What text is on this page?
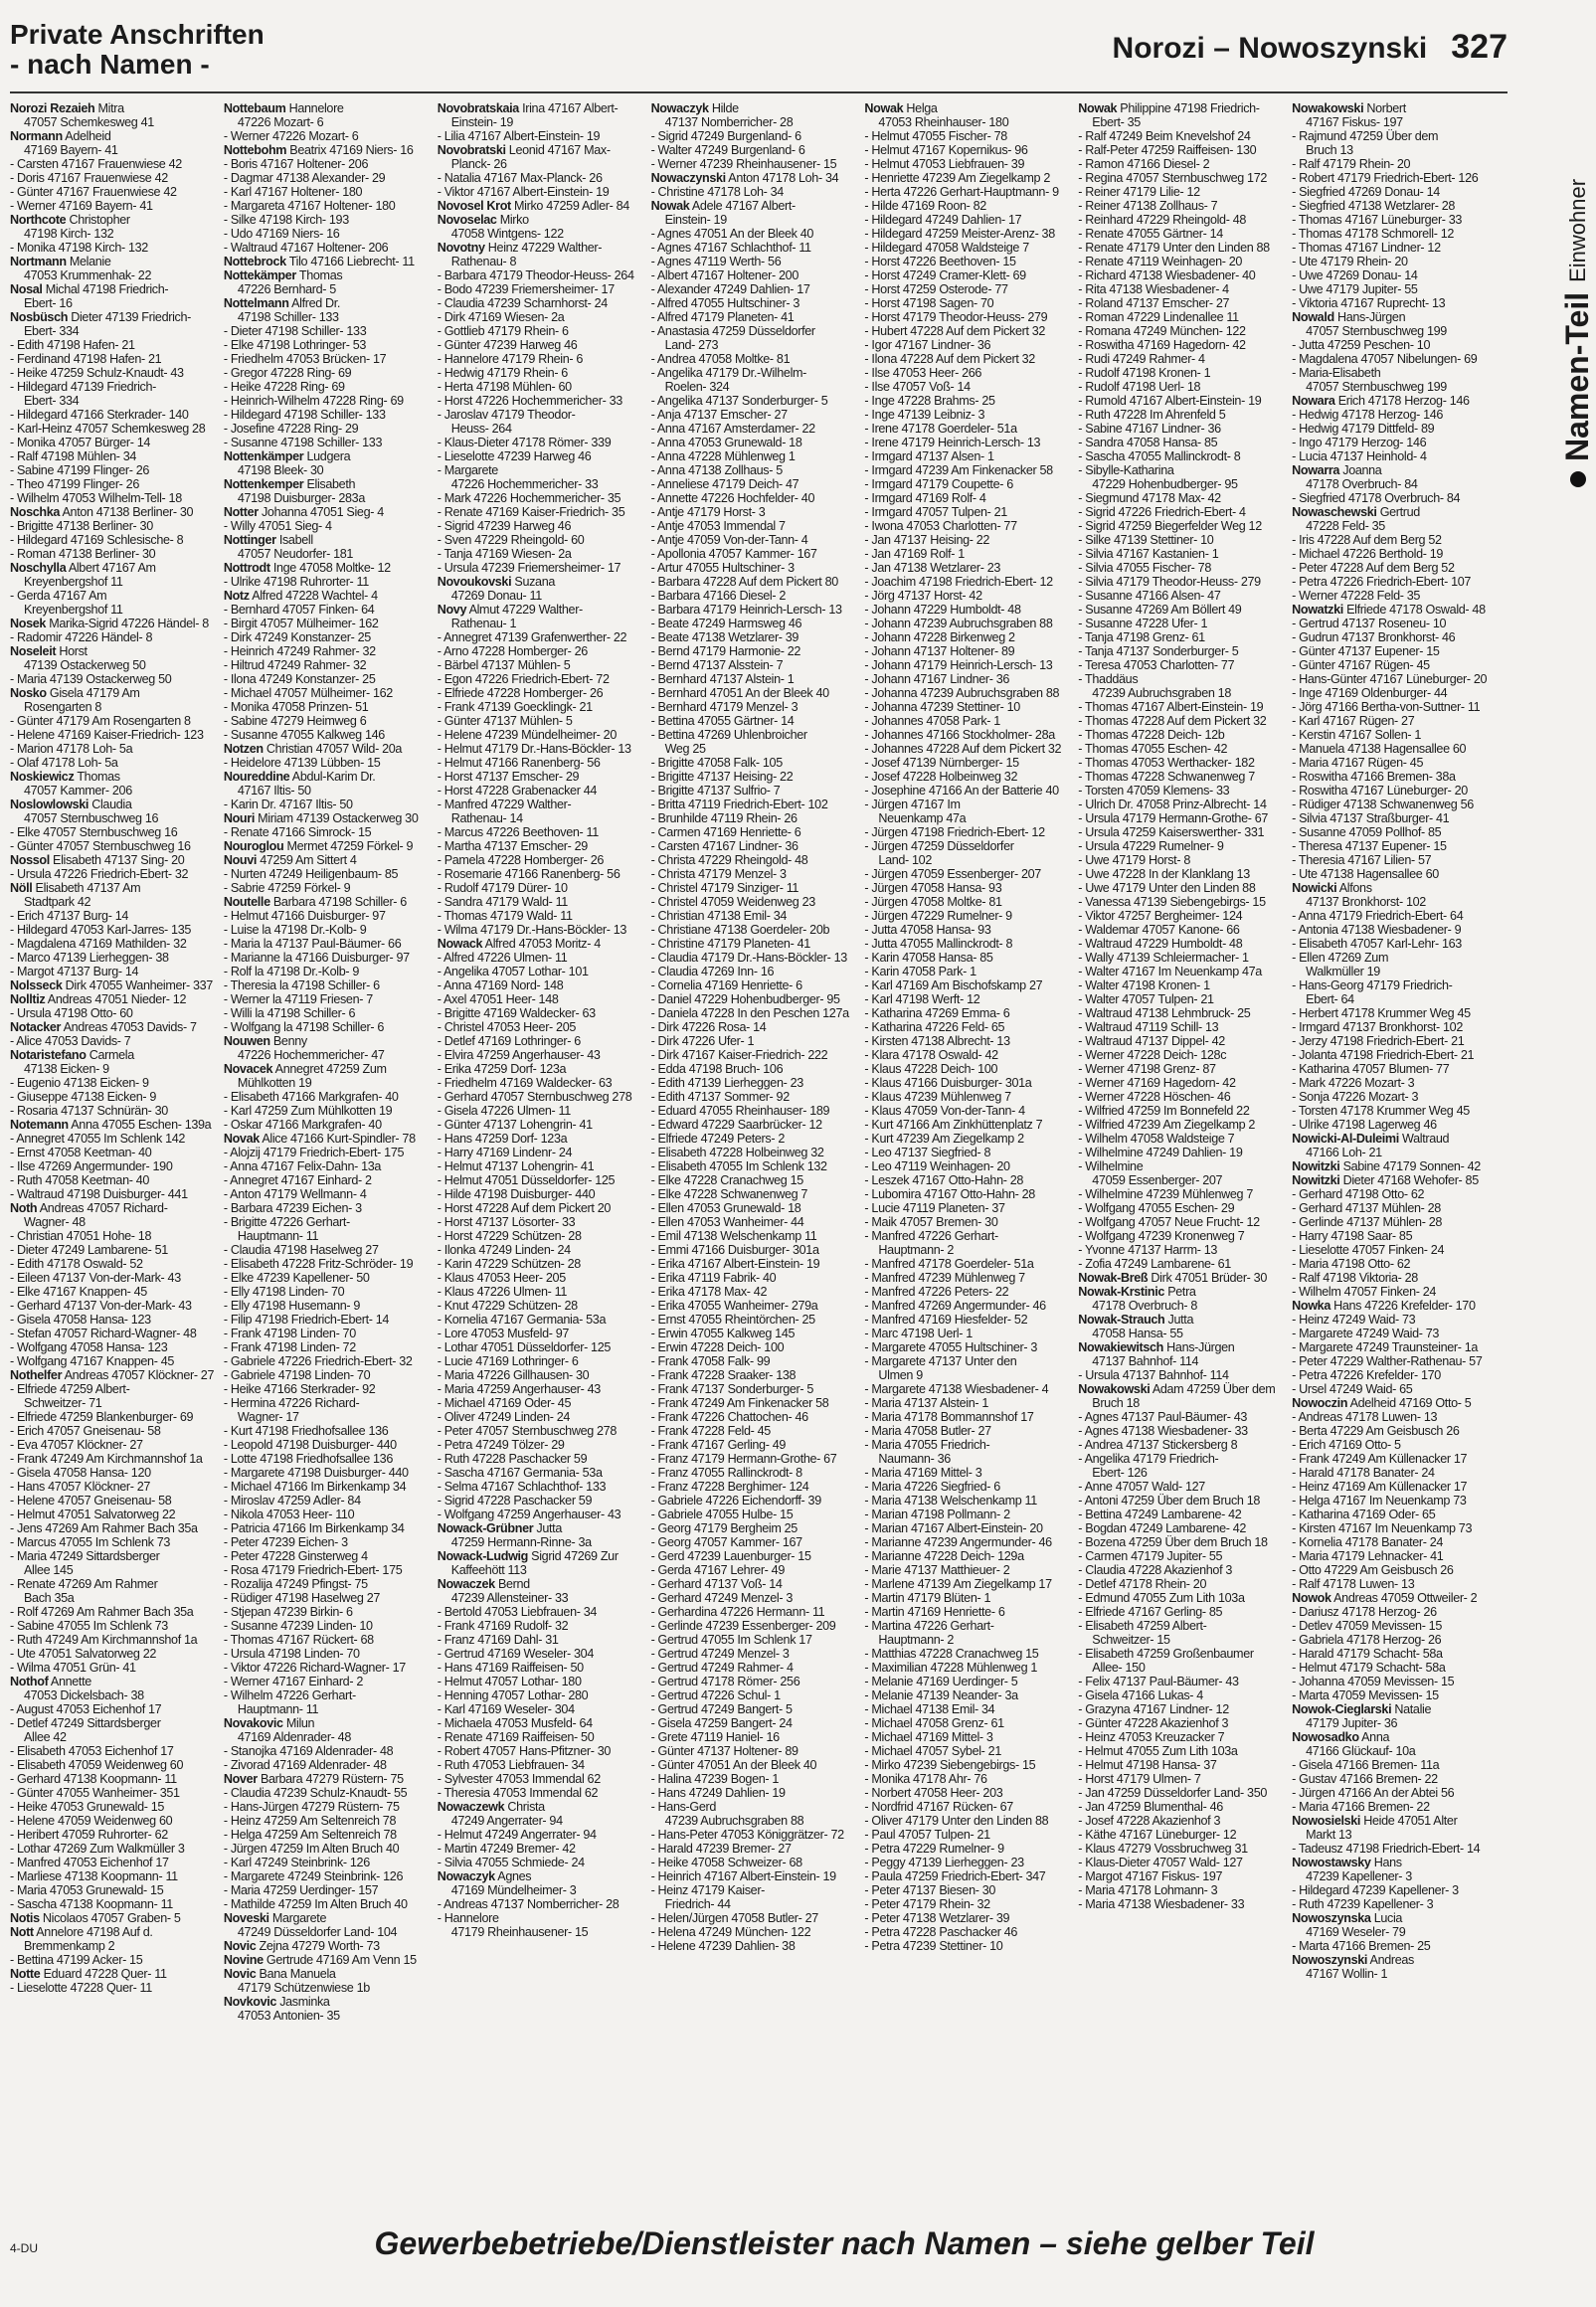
Private Anschriften
- nach Namen -	Norozi – Nowoszynski 327
Namen-Teil
Einwohner

Norozi Rezaieh Mitra

47057 Schemkesweg 41

Normann Adelheid

47169 Bayern- 41

- Carsten 47167 Frauenwiese 42

- Doris 47167 Frauenwiese 42

- Günter 47167 Frauenwiese 42

- Werner 47169 Bayern- 41

Northcote Christopher

47198 Kirch- 132

- Monika 47198 Kirch- 132

Nortmann Melanie

47053 Krummenhak- 22

Nosal Michal 47198 Friedrich-

Ebert- 16

Nosbüsch Dieter 47139 Friedrich-

Ebert- 334

- Edith 47198 Hafen- 21

- Ferdinand 47198 Hafen- 21

- Heike 47259 Schulz-Knaudt- 43

- Hildegard 47139 Friedrich-

Ebert- 334

- Hildegard 47166 Sterkrader- 140

- Karl-Heinz 47057 Schemkesweg 28

- Monika 47057 Bürger- 14

- Ralf 47198 Mühlen- 34

- Sabine 47199 Flinger- 26

- Theo 47199 Flinger- 26

- Wilhelm 47053 Wilhelm-Tell- 18

Noschka Anton 47138 Berliner- 30

- Brigitte 47138 Berliner- 30

- Hildegard 47169 Schlesische- 8

- Roman 47138 Berliner- 30

Noschylla Albert 47167 Am

Kreyenbergshof 11

- Gerda 47167 Am

Kreyenbergshof 11

Nosek Marika-Sigrid 47226 Händel- 8

- Radomir 47226 Händel- 8

Noseleit Horst

47139 Ostackerweg 50

- Maria 47139 Ostackerweg 50

Nosko Gisela 47179 Am

Rosengarten 8

- Günter 47179 Am Rosengarten 8

- Helene 47169 Kaiser-Friedrich- 123

- Marion 47178 Loh- 5a

- Olaf 47178 Loh- 5a

Noskiewicz Thomas

47057 Kammer- 206

Noslowlowski Claudia

47057 Sternbuschweg 16

- Elke 47057 Sternbuschweg 16

- Günter 47057 Sternbuschweg 16

Nossol Elisabeth 47137 Sing- 20

- Ursula 47226 Friedrich-Ebert- 32

Nöll Elisabeth 47137 Am

Stadtpark 42

- Erich 47137 Burg- 14

- Hildegard 47053 Karl-Jarres- 135

- Magdalena 47169 Mathilden- 32

- Marco 47139 Lierheggen- 38

- Margot 47137 Burg- 14

Nolsseck Dirk 47055 Wanheimer- 337

Nolltiz Andreas 47051 Nieder- 12

- Ursula 47198 Otto- 60

Notacker Andreas 47053 Davids- 7

- Alice 47053 Davids- 7

Notaristefano Carmela

47138 Eicken- 9

- Eugenio 47138 Eicken- 9

- Giuseppe 47138 Eicken- 9

- Rosaria 47137 Schnürän- 30

Notemann Anna 47055 Eschen- 139a

- Annegret 47055 Im Schlenk 142

- Ernst 47058 Keetman- 40

- Ilse 47269 Angermunder- 190

- Ruth 47058 Keetman- 40

- Waltraud 47198 Duisburger- 441

Noth Andreas 47057 Richard-

Wagner- 48

- Christian 47051 Hohe- 18

- Dieter 47249 Lambarene- 51

- Edith 47178 Oswald- 52

- Eileen 47137 Von-der-Mark- 43

- Elke 47167 Knappen- 45

- Gerhard 47137 Von-der-Mark- 43

- Gisela 47058 Hansa- 123

- Stefan 47057 Richard-Wagner- 48

- Wolfgang 47058 Hansa- 123

- Wolfgang 47167 Knappen- 45

Nothelfer Andreas 47057 Klöckner- 27

- Elfriede 47259 Albert-

Schweitzer- 71

- Elfriede 47259 Blankenburger- 69

- Erich 47057 Gneisenau- 58

- Eva 47057 Klöckner- 27

- Frank 47249 Am Kirchmannshof 1a

- Gisela 47058 Hansa- 120

- Hans 47057 Klöckner- 27

- Helene 47057 Gneisenau- 58

- Helmut 47051 Salvatorweg 22

- Jens 47269 Am Rahmer Bach 35a

- Marcus 47055 Im Schlenk 73

- Maria 47249 Sittardsberger

Allee 145

- Renate 47269 Am Rahmer

Bach 35a

- Rolf 47269 Am Rahmer Bach 35a

- Sabine 47055 Im Schlenk 73

- Ruth 47249 Am Kirchmannshof 1a

- Ute 47051 Salvatorweg 22

- Wilma 47051 Grün- 41

Nothof Annette

47053 Dickelsbach- 38

- August 47053 Eichenhof 17

- Detlef 47249 Sittardsberger

Allee 42

- Elisabeth 47053 Eichenhof 17

- Elisabeth 47059 Weidenweg 60

- Gerhard 47138 Koopmann- 11

- Günter 47055 Wanheimer- 351

- Heike 47053 Grunewald- 15

- Helene 47059 Weidenweg 60

- Heribert 47059 Ruhrorter- 62

- Lothar 47269 Zum Walkmüller 3

- Manfred 47053 Eichenhof 17

- Marliese 47138 Koopmann- 11

- Maria 47053 Grunewald- 15

- Sascha 47138 Koopmann- 11

Notis Nicolaos 47057 Graben- 5

Nott Annelore 47198 Auf d.

Bremmenkamp 2

- Bettina 47199 Acker- 15

Notte Eduard 47228 Quer- 11

- Lieselotte 47228 Quer- 11

Nottebaum Hannelore

47226 Mozart- 6

- Werner 47226 Mozart- 6

Nottebohm Beatrix 47169 Niers- 16

- Boris 47167 Holtener- 206

- Dagmar 47138 Alexander- 29

- Karl 47167 Holtener- 180

- Margareta 47167 Holtener- 180

- Silke 47198 Kirch- 193

- Udo 47169 Niers- 16

- Waltraud 47167 Holtener- 206

Nottebrock Tilo 47166 Liebrecht- 11

Nottekämper Thomas

47226 Bernhard- 5

Nottelmann Alfred Dr.

47198 Schiller- 133

- Dieter 47198 Schiller- 133

- Elke 47198 Lothringer- 53

- Friedhelm 47053 Brücken- 17

- Gregor 47228 Ring- 69

- Heike 47228 Ring- 69

- Heinrich-Wilhelm 47228 Ring- 69

- Hildegard 47198 Schiller- 133

- Josefine 47228 Ring- 29

- Susanne 47198 Schiller- 133

Nottenkämper Ludgera

47198 Bleek- 30

Nottenkemper Elisabeth

47198 Duisburger- 283a

Notter Johanna 47051 Sieg- 4

- Willy 47051 Sieg- 4

Nottinger Isabell

47057 Neudorfer- 181

Nottrodt Inge 47058 Moltke- 12

- Ulrike 47198 Ruhrorter- 11

Notz Alfred 47228 Wachtel- 4

- Bernhard 47057 Finken- 64

- Birgit 47057 Mülheimer- 162

- Dirk 47249 Konstanzer- 25

- Heinrich 47249 Rahmer- 32

- Hiltrud 47249 Rahmer- 32

- Ilona 47249 Konstanzer- 25

- Michael 47057 Mülheimer- 162

- Monika 47058 Prinzen- 51

- Sabine 47279 Heimweg 6

- Susanne 47055 Kalkweg 146

Notzen Christian 47057 Wild- 20a

- Heidelore 47139 Lübben- 15

Noureddine Abdul-Karim Dr.

47167 Iltis- 50

- Karin Dr. 47167 Iltis- 50

Nouri Miriam 47139 Ostackerweg 30

- Renate 47166 Simrock- 15

Nouroglou Mermet 47259 Förkel- 9

Nouvi 47259 Am Sittert 4

- Nurten 47249 Heiligenbaum- 85

- Sabrie 47259 Förkel- 9

Noutelle Barbara 47198 Schiller- 6

- Helmut 47166 Duisburger- 97

- Luise la 47198 Dr.-Kolb- 9

- Maria la 47137 Paul-Bäumer- 66

- Marianne la 47166 Duisburger- 97

- Rolf la 47198 Dr.-Kolb- 9

- Theresia la 47198 Schiller- 6

- Werner la 47119 Friesen- 7

- Willi la 47198 Schiller- 6

- Wolfgang la 47198 Schiller- 6

Nouwen Benny

47226 Hochemmericher- 47

Novacek Annegret 47259 Zum

Mühlkotten 19

- Elisabeth 47166 Markgrafen- 40

- Karl 47259 Zum Mühlkotten 19

- Oskar 47166 Markgrafen- 40

Novak Alice 47166 Kurt-Spindler- 78

- Alojzij 47179 Friedrich-Ebert- 175

- Anna 47167 Felix-Dahn- 13a

- Annegret 47167 Einhard- 2

- Anton 47179 Wellmann- 4

- Barbara 47239 Eichen- 3

- Brigitte 47226 Gerhart-

Hauptmann- 11

- Claudia 47198 Haselweg 27

- Elisabeth 47228 Fritz-Schröder- 19

- Elke 47239 Kapellener- 50

- Elly 47198 Linden- 70

- Elly 47198 Husemann- 9

- Filip 47198 Friedrich-Ebert- 14

- Frank 47198 Linden- 70

- Frank 47198 Linden- 72

- Gabriele 47226 Friedrich-Ebert- 32

- Gabriele 47198 Linden- 70

- Heike 47166 Sterkrader- 92

- Hermina 47226 Richard-

Wagner- 17

- Kurt 47198 Friedhofsallee 136

- Leopold 47198 Duisburger- 440

- Lotte 47198 Friedhofsallee 136

- Margarete 47198 Duisburger- 440

- Michael 47166 Im Birkenkamp 34

- Miroslav 47259 Adler- 84

- Nikola 47053 Heer- 110

- Patricia 47166 Im Birkenkamp 34

- Peter 47239 Eichen- 3

- Peter 47228 Ginsterweg 4

- Rosa 47179 Friedrich-Ebert- 175

- Rozalija 47249 Pfingst- 75

- Rüdiger 47198 Haselweg 27

- Stjepan 47239 Birkin- 6

- Susanne 47239 Linden- 10

- Thomas 47167 Rückert- 68

- Ursula 47198 Linden- 70

- Viktor 47226 Richard-Wagner- 17

- Werner 47167 Einhard- 2

- Wilhelm 47226 Gerhart-

Hauptmann- 11

Novakovic Milun

47169 Aldenrader- 48

- Stanojka 47169 Aldenrader- 48

- Zivorad 47169 Aldenrader- 48

Nover Barbara 47279 Rüstern- 75

- Claudia 47239 Schulz-Knaudt- 55

- Hans-Jürgen 47279 Rüstern- 75

- Heinz 47259 Am Seltenreich 78

- Helga 47259 Am Seltenreich 78

- Jürgen 47259 Im Alten Bruch 40

- Karl 47249 Steinbrink- 126

- Margarete 47249 Steinbrink- 126

- Maria 47259 Uerdinger- 157

- Mathilde 47259 Im Alten Bruch 40

Noveski Margarete

47249 Düsseldorfer Land- 104

Novic Zejna 47279 Worth- 73

Novine Gertrude 47169 Am Venn 15

Novic Bana Manuela

47179 Schützenwiese 1b

Novkovic Jasminka

47053 Antonien- 35

Novobratskaia Irina 47167 Albert-

Einstein- 19

- Lilia 47167 Albert-Einstein- 19

Novobratski Leonid 47167 Max-

Planck- 26

- Natalia 47167 Max-Planck- 26

- Viktor 47167 Albert-Einstein- 19

Novosel Krot Mirko 47259 Adler- 84

Novoselac Mirko

47058 Wintgens- 122

Novotny Heinz 47229 Walther-

Rathenau- 8

- Barbara 47179 Theodor-Heuss- 264

- Bodo 47239 Friemersheimer- 17

- Claudia 47239 Scharnhorst- 24

- Dirk 47169 Wiesen- 2a

- Gottlieb 47179 Rhein- 6

- Günter 47239 Harweg 46

- Hannelore 47179 Rhein- 6

- Hedwig 47179 Rhein- 6

- Herta 47198 Mühlen- 60

- Horst 47226 Hochemmericher- 33

- Jaroslav 47179 Theodor-

Heuss- 264

- Klaus-Dieter 47178 Römer- 339

- Lieselotte 47239 Harweg 46

- Margarete

47226 Hochemmericher- 33

- Mark 47226 Hochemmericher- 35

- Renate 47169 Kaiser-Friedrich- 35

- Sigrid 47239 Harweg 46

- Sven 47229 Rheingold- 60

- Tanja 47169 Wiesen- 2a

- Ursula 47239 Friemersheimer- 17

Novoukovski Suzana

47269 Donau- 11

Novy Almut 47229 Walther-

Rathenau- 1

- Annegret 47139 Grafenwerther- 22

- Arno 47228 Homberger- 26

- Bärbel 47137 Mühlen- 5

- Egon 47226 Friedrich-Ebert- 72

- Elfriede 47228 Homberger- 26

- Frank 47139 Goecklingk- 21

- Günter 47137 Mühlen- 5

- Helene 47239 Mündelheimer- 20

- Helmut 47179 Dr.-Hans-Böckler- 13

- Helmut 47166 Ranenberg- 56

- Horst 47137 Emscher- 29

- Horst 47228 Grabenacker 44

- Manfred 47229 Walther-

Rathenau- 14

- Marcus 47226 Beethoven- 11

- Martha 47137 Emscher- 29

- Pamela 47228 Homberger- 26

- Rosemarie 47166 Ranenberg- 56

- Rudolf 47179 Dürer- 10

- Sandra 47179 Wald- 11

- Thomas 47179 Wald- 11

- Wilma 47179 Dr.-Hans-Böckler- 13

Nowack Alfred 47053 Moritz- 4

- Alfred 47226 Ulmen- 11

- Angelika 47057 Lothar- 101

- Anna 47169 Nord- 148

- Axel 47051 Heer- 148

- Brigitte 47169 Waldecker- 63

- Christel 47053 Heer- 205

- Detlef 47169 Lothringer- 6

- Elvira 47259 Angerhauser- 43

- Erika 47259 Dorf- 123a

- Friedhelm 47169 Waldecker- 63

- Gerhard 47057 Sternbuschweg 278

- Gisela 47226 Ulmen- 11

- Günter 47137 Lohengrin- 41

- Hans 47259 Dorf- 123a

- Harry 47169 Lindenr- 24

- Helmut 47137 Lohengrin- 41

- Helmut 47051 Düsseldorfer- 125

- Hilde 47198 Duisburger- 440

- Horst 47228 Auf dem Pickert 20

- Horst 47137 Lösorter- 33

- Horst 47229 Schützen- 28

- Ilonka 47249 Linden- 24

- Karin 47229 Schützen- 28

- Klaus 47053 Heer- 205

- Klaus 47226 Ulmen- 11

- Knut 47229 Schützen- 28

- Kornelia 47167 Germania- 53a

- Lore 47053 Musfeld- 97

- Lothar 47051 Düsseldorfer- 125

- Lucie 47169 Lothringer- 6

- Maria 47226 Gillhausen- 30

- Maria 47259 Angerhauser- 43

- Michael 47169 Oder- 45

- Oliver 47249 Linden- 24

- Peter 47057 Sternbuschweg 278

- Petra 47249 Tölzer- 29

- Ruth 47228 Paschacker 59

- Sascha 47167 Germania- 53a

- Selma 47167 Schlachthof- 133

- Sigrid 47228 Paschacker 59

- Wolfgang 47259 Angerhauser- 43

Nowack-Grübner Jutta

47259 Hermann-Rinne- 3a

Nowack-Ludwig Sigrid 47269 Zur

Kaffeehött 113

Nowaczek Bernd

47239 Allensteiner- 33

- Bertold 47053 Liebfrauen- 34

- Frank 47169 Rudolf- 32

- Franz 47169 Dahl- 31

- Gertrud 47169 Weseler- 304

- Hans 47169 Raiffeisen- 50

- Helmut 47057 Lothar- 180

- Henning 47057 Lothar- 280

- Karl 47169 Weseler- 304

- Michaela 47053 Musfeld- 64

- Renate 47169 Raiffeisen- 50

- Robert 47057 Hans-Pfitzner- 30

- Ruth 47053 Liebfrauen- 34

- Sylvester 47053 Immendal 62

- Theresia 47053 Immendal 62

Nowaczewk Christa

47249 Angerrater- 94

- Helmut 47249 Angerrater- 94

- Martin 47249 Bremer- 42

- Silvia 47055 Schmiede- 24

Nowaczyk Agnes

47169 Mündelheimer- 3

- Andreas 47137 Nomberricher- 28

- Hannelore

47179 Rheinhausener- 15

Nowaczyk Hilde

47137 Nomberricher- 28

- Sigrid 47249 Burgenland- 6

- Walter 47249 Burgenland- 6

- Werner 47239 Rheinhausener- 15

Nowaczynski Anton 47178 Loh- 34

- Christine 47178 Loh- 34

Nowak Adele 47167 Albert-

Einstein- 19

- Agnes 47051 An der Bleek 40

- Agnes 47167 Schlachthof- 11

- Agnes 47119 Werth- 56

- Albert 47167 Holtener- 200

- Alexander 47249 Dahlien- 17

- Alfred 47055 Hultschiner- 3

- Alfred 47179 Planeten- 41

- Anastasia 47259 Düsseldorfer

Land- 273

- Andrea 47058 Moltke- 81

- Angelika 47179 Dr.-Wilhelm-

Roelen- 324

- Angelika 47137 Sonderburger- 5

- Anja 47137 Emscher- 27

- Anna 47167 Amsterdamer- 22

- Anna 47053 Grunewald- 18

- Anna 47228 Mühlenweg 1

- Anna 47138 Zollhaus- 5

- Anneliese 47179 Deich- 47

- Annette 47226 Hochfelder- 40

- Antje 47179 Horst- 3

- Antje 47053 Immendal 7

- Antje 47059 Von-der-Tann- 4

- Apollonia 47057 Kammer- 167

- Artur 47055 Hultschiner- 3

- Barbara 47228 Auf dem Pickert 80

- Barbara 47166 Diesel- 2

- Barbara 47179 Heinrich-Lersch- 13

- Beate 47249 Harmsweg 46

- Beate 47138 Wetzlarer- 39

- Bernd 47179 Harmonie- 22

- Bernd 47137 Alsstein- 7

- Bernhard 47137 Alstein- 1

- Bernhard 47051 An der Bleek 40

- Bernhard 47179 Menzel- 3

- Bettina 47055 Gärtner- 14

- Bettina 47269 Uhlenbroicher

Weg 25

- Brigitte 47058 Falk- 105

- Brigitte 47137 Heising- 22

- Brigitte 47137 Sulfrio- 7

- Britta 47119 Friedrich-Ebert- 102

- Brunhilde 47119 Rhein- 26

- Carmen 47169 Henriette- 6

- Carsten 47167 Lindner- 36

- Christa 47229 Rheingold- 48

- Christa 47179 Menzel- 3

- Christel 47179 Sinziger- 11

- Christel 47059 Weidenweg 23

- Christian 47138 Emil- 34

- Christiane 47138 Goerdeler- 20b

- Christine 47179 Planeten- 41

- Claudia 47179 Dr.-Hans-Böckler- 13

- Claudia 47269 Inn- 16

- Cornelia 47169 Henriette- 6

- Daniel 47229 Hohenbudberger- 95

- Daniela 47228 In den Peschen 127a

- Dirk 47226 Rosa- 14

- Dirk 47226 Ufer- 1

- Dirk 47167 Kaiser-Friedrich- 222

- Edda 47198 Bruch- 106

- Edith 47139 Lierheggen- 23

- Edith 47137 Sommer- 92

- Eduard 47055 Rheinhauser- 189

- Edward 47229 Saarbrücker- 12

- Elfriede 47249 Peters- 2

- Elisabeth 47228 Holbeinweg 32

- Elisabeth 47055 Im Schlenk 132

- Elke 47228 Cranachweg 15

- Elke 47228 Schwanenweg 7

- Ellen 47053 Grunewald- 18

- Ellen 47053 Wanheimer- 44

- Emil 47138 Welschenkamp 11

- Emmi 47166 Duisburger- 301a

- Erika 47167 Albert-Einstein- 19

- Erika 47119 Fabrik- 40

- Erika 47178 Max- 42

- Erika 47055 Wanheimer- 279a

- Ernst 47055 Rheintörchen- 25

- Erwin 47055 Kalkweg 145

- Erwin 47228 Deich- 100

- Frank 47058 Falk- 99

- Frank 47228 Sraaker- 138

- Frank 47137 Sonderburger- 5

- Frank 47249 Am Finkenacker 58

- Frank 47226 Chattochen- 46

- Frank 47228 Feld- 45

- Frank 47167 Gerling- 49

- Franz 47179 Hermann-Grothe- 67

- Franz 47055 Rallinckrodt- 8

- Franz 47228 Berghimer- 124

- Gabriele 47226 Eichendorff- 39

- Gabriele 47055 Hulbe- 15

- Georg 47179 Bergheim 25

- Georg 47057 Kammer- 167

- Gerd 47239 Lauenburger- 15

- Gerda 47167 Lehrer- 49

- Gerhard 47137 Voß- 14

- Gerhard 47249 Menzel- 3

- Gerhardina 47226 Hermann- 11

- Gerlinde 47239 Essenberger- 209

- Gertrud 47055 Im Schlenk 17

- Gertrud 47249 Menzel- 3

- Gertrud 47249 Rahmer- 4

- Gertrud 47178 Römer- 256

- Gertrud 47226 Schul- 1

- Gertrud 47249 Bangert- 5

- Gisela 47259 Bangert- 24

- Grete 47119 Haniel- 16

- Günter 47137 Holtener- 89

- Günter 47051 An der Bleek 40

- Halina 47239 Bogen- 1

- Hans 47249 Dahlien- 19

- Hans-Gerd

47239 Aubruchsgraben 88

- Hans-Peter 47053 Königgrätzer- 72

- Harald 47239 Bremer- 27

- Heike 47058 Schweizer- 68

- Heinrich 47167 Albert-Einstein- 19

- Heinz 47179 Kaiser-

Friedrich- 44

- Helen/Jürgen 47058 Butler- 27

- Helena 47249 München- 122

- Helene 47239 Dahlien- 38

Nowak Helga

47053 Rheinhauser- 180

- Helmut 47055 Fischer- 78

- Helmut 47167 Kopernikus- 96

- Helmut 47053 Liebfrauen- 39

- Henriette 47239 Am Ziegelkamp 2

- Herta 47226 Gerhart-Hauptmann- 9

- Hilde 47169 Roon- 82

- Hildegard 47249 Dahlien- 17

- Hildegard 47259 Meister-Arenz- 38

- Hildegard 47058 Waldsteige 7

- Horst 47226 Beethoven- 15

- Horst 47249 Cramer-Klett- 69

- Horst 47259 Osterode- 77

- Horst 47198 Sagen- 70

- Horst 47179 Theodor-Heuss- 279

- Hubert 47228 Auf dem Pickert 32

- Igor 47167 Lindner- 36

- Ilona 47228 Auf dem Pickert 32

- Ilse 47053 Heer- 266

- Ilse 47057 Voß- 14

- Inge 47228 Brahms- 25

- Inge 47139 Leibniz- 3

- Irene 47178 Goerdeler- 51a

- Irene 47179 Heinrich-Lersch- 13

- Irmgard 47137 Alsen- 1

- Irmgard 47239 Am Finkenacker 58

- Irmgard 47179 Coupette- 6

- Irmgard 47169 Rolf- 4

- Irmgard 47057 Tulpen- 21

- Iwona 47053 Charlotten- 77

- Jan 47137 Heising- 22

- Jan 47169 Rolf- 1

- Jan 47138 Wetzlarer- 23

- Joachim 47198 Friedrich-Ebert- 12

- Jörg 47137 Horst- 42

- Johann 47229 Humboldt- 48

- Johann 47239 Aubruchsgraben 88

- Johann 47228 Birkenweg 2

- Johann 47137 Holtener- 89

- Johann 47179 Heinrich-Lersch- 13

- Johann 47167 Lindner- 36

- Johanna 47239 Aubruchsgraben 88

- Johanna 47239 Stettiner- 10

- Johannes 47058 Park- 1

- Johannes 47166 Stockholmer- 28a

- Johannes 47228 Auf dem Pickert 32

- Josef 47139 Nürnberger- 15

- Josef 47228 Holbeinweg 32

- Josephine 47166 An der Batterie 40

- Jürgen 47167 Im

Neuenkamp 47a

- Jürgen 47198 Friedrich-Ebert- 12

- Jürgen 47259 Düsseldorfer

Land- 102

- Jürgen 47059 Essenberger- 207

- Jürgen 47058 Hansa- 93

- Jürgen 47058 Moltke- 81

- Jürgen 47229 Rumelner- 9

- Jutta 47058 Hansa- 93

- Jutta 47055 Mallinckrodt- 8

- Karin 47058 Hansa- 85

- Karin 47058 Park- 1

- Karl 47169 Am Bischofskamp 27

- Karl 47198 Werft- 12

- Katharina 47269 Emma- 6

- Katharina 47226 Feld- 65

- Kirsten 47138 Albrecht- 13

- Klara 47178 Oswald- 42

- Klaus 47228 Deich- 100

- Klaus 47166 Duisburger- 301a

- Klaus 47239 Mühlenweg 7

- Klaus 47059 Von-der-Tann- 4

- Kurt 47166 Am Zinkhüttenplatz 7

- Kurt 47239 Am Ziegelkamp 2

- Leo 47137 Siegfried- 8

- Leo 47119 Weinhagen- 20

- Leszek 47167 Otto-Hahn- 28

- Lubomira 47167 Otto-Hahn- 28

- Lucie 47119 Planeten- 37

- Maik 47057 Bremen- 30

- Manfred 47226 Gerhart-

Hauptmann- 2

- Manfred 47178 Goerdeler- 51a

- Manfred 47239 Mühlenweg 7

- Manfred 47226 Peters- 22

- Manfred 47269 Angermunder- 46

- Manfred 47169 Hiesfelder- 52

- Marc 47198 Uerl- 1

- Margarete 47055 Hultschiner- 3

- Margarete 47137 Unter den

Ulmen 9

- Margarete 47138 Wiesbadener- 4

- Maria 47137 Alstein- 1

- Maria 47178 Bommannshof 17

- Maria 47058 Butler- 27

- Maria 47055 Friedrich-

Naumann- 36

- Maria 47169 Mittel- 3

- Maria 47226 Siegfried- 6

- Maria 47138 Welschenkamp 11

- Marian 47198 Pollmann- 2

- Marian 47167 Albert-Einstein- 20

- Marianne 47239 Angermunder- 46

- Marianne 47228 Deich- 129a

- Marie 47137 Matthieuer- 2

- Marlene 47139 Am Ziegelkamp 17

- Martin 47179 Blüten- 1

- Martin 47169 Henriette- 6

- Martina 47226 Gerhart-

Hauptmann- 2

- Matthias 47228 Cranachweg 15

- Maximilian 47228 Mühlenweg 1

- Melanie 47169 Uerdinger- 5

- Melanie 47139 Neander- 3a

- Michael 47138 Emil- 34

- Michael 47058 Grenz- 61

- Michael 47169 Mittel- 3

- Michael 47057 Sybel- 21

- Mirko 47239 Siebengebirgs- 15

- Monika 47178 Ahr- 76

- Norbert 47058 Heer- 203

- Nordfrid 47167 Rücken- 67

- Oliver 47179 Unter den Linden 88

- Paul 47057 Tulpen- 21

- Petra 47229 Rumelner- 9

- Peggy 47139 Lierheggen- 23

- Paula 47259 Friedrich-Ebert- 347

- Peter 47137 Biesen- 30

- Peter 47179 Rhein- 32

- Peter 47138 Wetzlarer- 39

- Petra 47228 Paschacker 46

- Petra 47239 Stettiner- 10

Nowak Philippine 47198 Friedrich-

Ebert- 35

- Ralf 47249 Beim Knevelshof 24

- Ralf-Peter 47259 Raiffeisen- 130

- Ramon 47166 Diesel- 2

- Regina 47057 Sternbuschweg 172

- Reiner 47179 Lilie- 12

- Reiner 47138 Zollhaus- 7

- Reinhard 47229 Rheingold- 48

- Renate 47055 Gärtner- 14

- Renate 47179 Unter den Linden 88

- Renate 47119 Weinhagen- 20

- Richard 47138 Wiesbadener- 40

- Rita 47138 Wiesbadener- 4

- Roland 47137 Emscher- 27

- Roman 47229 Lindenallee 11

- Romana 47249 München- 122

- Roswitha 47169 Hagedorn- 42

- Rudi 47249 Rahmer- 4

- Rudolf 47198 Kronen- 1

- Rudolf 47198 Uerl- 18

- Rumold 47167 Albert-Einstein- 19

- Ruth 47228 Im Ahrenfeld 5

- Sabine 47167 Lindner- 36

- Sandra 47058 Hansa- 85

- Sascha 47055 Mallinckrodt- 8

- Sibylle-Katharina

47229 Hohenbudberger- 95

- Siegmund 47178 Max- 42

- Sigrid 47226 Friedrich-Ebert- 4

- Sigrid 47259 Biegerfelder Weg 12

- Silke 47139 Stettiner- 10

- Silvia 47167 Kastanien- 1

- Silvia 47055 Fischer- 78

- Silvia 47179 Theodor-Heuss- 279

- Susanne 47166 Alsen- 47

- Susanne 47269 Am Böllert 49

- Susanne 47228 Ufer- 1

- Tanja 47198 Grenz- 61

- Tanja 47137 Sonderburger- 5

- Teresa 47053 Charlotten- 77

- Thaddäus

47239 Aubruchsgraben 18

- Thomas 47167 Albert-Einstein- 19

- Thomas 47228 Auf dem Pickert 32

- Thomas 47228 Deich- 12b

- Thomas 47055 Eschen- 42

- Thomas 47053 Werthacker- 182

- Thomas 47228 Schwanenweg 7

- Torsten 47059 Klemens- 33

- Ulrich Dr. 47058 Prinz-Albrecht- 14

- Ursula 47179 Hermann-Grothe- 67

- Ursula 47259 Kaiserswerther- 331

- Ursula 47229 Rumelner- 9

- Uwe 47179 Horst- 8

- Uwe 47228 In der Klanklang 13

- Uwe 47179 Unter den Linden 88

- Vanessa 47139 Siebengebirgs- 15

- Viktor 47257 Bergheimer- 124

- Waldemar 47057 Kanone- 66

- Waltraud 47229 Humboldt- 48

- Wally 47139 Schleiermacher- 1

- Walter 47167 Im Neuenkamp 47a

- Walter 47198 Kronen- 1

- Walter 47057 Tulpen- 21

- Waltraud 47138 Lehmbruck- 25

- Waltraud 47119 Schill- 13

- Waltraud 47137 Dippel- 42

- Werner 47228 Deich- 128c

- Werner 47198 Grenz- 87

- Werner 47169 Hagedorn- 42

- Werner 47228 Höschen- 46

- Wilfried 47259 Im Bonnefeld 22

- Wilfried 47239 Am Ziegelkamp 2

- Wilhelm 47058 Waldsteige 7

- Wilhelmine 47249 Dahlien- 19

- Wilhelmine

47059 Essenberger- 207

- Wilhelmine 47239 Mühlenweg 7

- Wolfgang 47055 Eschen- 29

- Wolfgang 47057 Neue Frucht- 12

- Wolfgang 47239 Kronenweg 7

- Yvonne 47137 Harrm- 13

- Zofia 47249 Lambarene- 61

Nowak-Breß Dirk 47051 Brüder- 30

Nowak-Krstinic Petra

47178 Overbruch- 8

Nowak-Strauch Jutta

47058 Hansa- 55

Nowakiewitsch Hans-Jürgen

47137 Bahnhof- 114

- Ursula 47137 Bahnhof- 114

Nowakowski Adam 47259 Über dem

Bruch 18

- Agnes 47137 Paul-Bäumer- 43

- Agnes 47138 Wiesbadener- 33

- Andrea 47137 Stickersberg 8

- Angelika 47179 Friedrich-

Ebert- 126

- Anne 47057 Wald- 127

- Antoni 47259 Über dem Bruch 18

- Bettina 47249 Lambarene- 42

- Bogdan 47249 Lambarene- 42

- Bozena 47259 Über dem Bruch 18

- Carmen 47179 Jupiter- 55

- Claudia 47228 Akazienhof 3

- Detlef 47178 Rhein- 20

- Edmund 47055 Zum Lith 103a

- Elfriede 47167 Gerling- 85

- Elisabeth 47259 Albert-

Schweitzer- 15

- Elisabeth 47259 Großenbaumer

Allee- 150

- Felix 47137 Paul-Bäumer- 43

- Gisela 47166 Lukas- 4

- Grazyna 47167 Lindner- 12

- Günter 47228 Akazienhof 3

- Heinz 47053 Kreuzacker 7

- Helmut 47055 Zum Lith 103a

- Helmut 47198 Hansa- 37

- Horst 47179 Ulmen- 7

- Jan 47259 Düsseldorfer Land- 350

- Jan 47259 Blumenthal- 46

- Josef 47228 Akazienhof 3

- Käthe 47167 Lüneburger- 12

- Klaus 47279 Vossbruchweg 31

- Klaus-Dieter 47057 Wald- 127

- Margot 47167 Fiskus- 197

- Maria 47178 Lohmann- 3

- Maria 47138 Wiesbadener- 33

Nowakowski Norbert

47167 Fiskus- 197

- Rajmund 47259 Über dem

Bruch 13

- Ralf 47179 Rhein- 20

- Robert 47179 Friedrich-Ebert- 126

- Siegfried 47269 Donau- 14

- Siegfried 47138 Wetzlarer- 28

- Thomas 47167 Lüneburger- 33

- Thomas 47178 Schmorell- 12

- Thomas 47167 Lindner- 12

- Ute 47179 Rhein- 20

- Uwe 47269 Donau- 14

- Uwe 47179 Jupiter- 55

- Viktoria 47167 Ruprecht- 13

Nowald Hans-Jürgen

47057 Sternbuschweg 199

- Jutta 47259 Peschen- 10

- Magdalena 47057 Nibelungen- 69

- Maria-Elisabeth

47057 Sternbuschweg 199

Nowara Erich 47178 Herzog- 146

- Hedwig 47178 Herzog- 146

- Hedwig 47179 Dittfeld- 89

- Ingo 47179 Herzog- 146

- Lucia 47137 Heinhold- 4

Nowarra Joanna

47178 Overbruch- 84

- Siegfried 47178 Overbruch- 84

Nowaschewski Gertrud

47228 Feld- 35

- Iris 47228 Auf dem Berg 52

- Michael 47226 Berthold- 19

- Peter 47228 Auf dem Berg 52

- Petra 47226 Friedrich-Ebert- 107

- Werner 47228 Feld- 35

Nowatzki Elfriede 47178 Oswald- 48

- Gertrud 47137 Roseneu- 10

- Gudrun 47137 Bronkhorst- 46

- Günter 47137 Eupener- 15

- Günter 47167 Rügen- 45

- Hans-Günter 47167 Lüneburger- 20

- Inge 47169 Oldenburger- 44

- Jörg 47166 Bertha-von-Suttner- 11

- Karl 47167 Rügen- 27

- Kerstin 47167 Sollen- 1

- Manuela 47138 Hagensallee 60

- Maria 47167 Rügen- 45

- Roswitha 47166 Bremen- 38a

- Roswitha 47167 Lüneburger- 20

- Rüdiger 47138 Schwanenweg 56

- Silvia 47137 Straßburger- 41

- Susanne 47059 Pollhof- 85

- Theresa 47137 Eupener- 15

- Theresia 47167 Lilien- 57

- Ute 47138 Hagensallee 60

Nowicki Alfons

47137 Bronkhorst- 102

- Anna 47179 Friedrich-Ebert- 64

- Antonia 47138 Wiesbadener- 9

- Elisabeth 47057 Karl-Lehr- 163

- Ellen 47269 Zum

Walkmüller 19

- Hans-Georg 47179 Friedrich-

Ebert- 64

- Herbert 47178 Krummer Weg 45

- Irmgard 47137 Bronkhorst- 102

- Jerzy 47198 Friedrich-Ebert- 21

- Jolanta 47198 Friedrich-Ebert- 21

- Katharina 47057 Blumen- 77

- Mark 47226 Mozart- 3

- Sonja 47226 Mozart- 3

- Torsten 47178 Krummer Weg 45

- Ulrike 47198 Lagerweg 46

Nowicki-Al-Duleimi Waltraud

47166 Loh- 21

Nowitzki Sabine 47179 Sonnen- 42

Nowitzki Dieter 47168 Wehofer- 85

- Gerhard 47198 Otto- 62

- Gerhard 47137 Mühlen- 28

- Gerlinde 47137 Mühlen- 28

- Harry 47198 Saar- 85

- Lieselotte 47057 Finken- 24

- Maria 47198 Otto- 62

- Ralf 47198 Viktoria- 28

- Wilhelm 47057 Finken- 24

Nowka Hans 47226 Krefelder- 170

- Heinz 47249 Waid- 73

- Margarete 47249 Waid- 73

- Margarete 47249 Traunsteiner- 1a

- Peter 47229 Walther-Rathenau- 57

- Petra 47226 Krefelder- 170

- Ursel 47249 Waid- 65

Nowoczin Adelheid 47169 Otto- 5

- Andreas 47178 Luwen- 13

- Berta 47229 Am Geisbusch 26

- Erich 47169 Otto- 5

- Frank 47249 Am Küllenacker 17

- Harald 47178 Banater- 24

- Heinz 47169 Am Küllenacker 17

- Helga 47167 Im Neuenkamp 73

- Katharina 47169 Oder- 65

- Kirsten 47167 Im Neuenkamp 73

- Kornelia 47178 Banater- 24

- Maria 47179 Lehnacker- 41

- Otto 47229 Am Geisbusch 26

- Ralf 47178 Luwen- 13

Nowok Andreas 47059 Ottweiler- 2

- Dariusz 47178 Herzog- 26

- Detlev 47059 Mevissen- 15

- Gabriela 47178 Herzog- 26

- Harald 47179 Schacht- 58a

- Helmut 47179 Schacht- 58a

- Johanna 47059 Mevissen- 15

- Marta 47059 Mevissen- 15

Nowok-Cieglarski Natalie

47179 Jupiter- 36

Nowosadko Anna

47166 Glückauf- 10a

- Gisela 47166 Bremen- 11a

- Gustav 47166 Bremen- 22

- Jürgen 47166 An der Abtei 56

- Maria 47166 Bremen- 22

Nowosielski Heide 47051 Alter

Markt 13

- Tadeusz 47198 Friedrich-Ebert- 14

Nowostawsky Hans

47239 Kapellener- 3

- Hildegard 47239 Kapellener- 3

- Ruth 47239 Kapellener- 3

Nowoszynska Lucia

47169 Weseler- 79

- Marta 47166 Bremen- 25

Nowoszynski Andreas

47167 Wollin- 1

4-DU	Gewerbebetriebe/Dienstleister nach Namen – siehe gelber Teil
